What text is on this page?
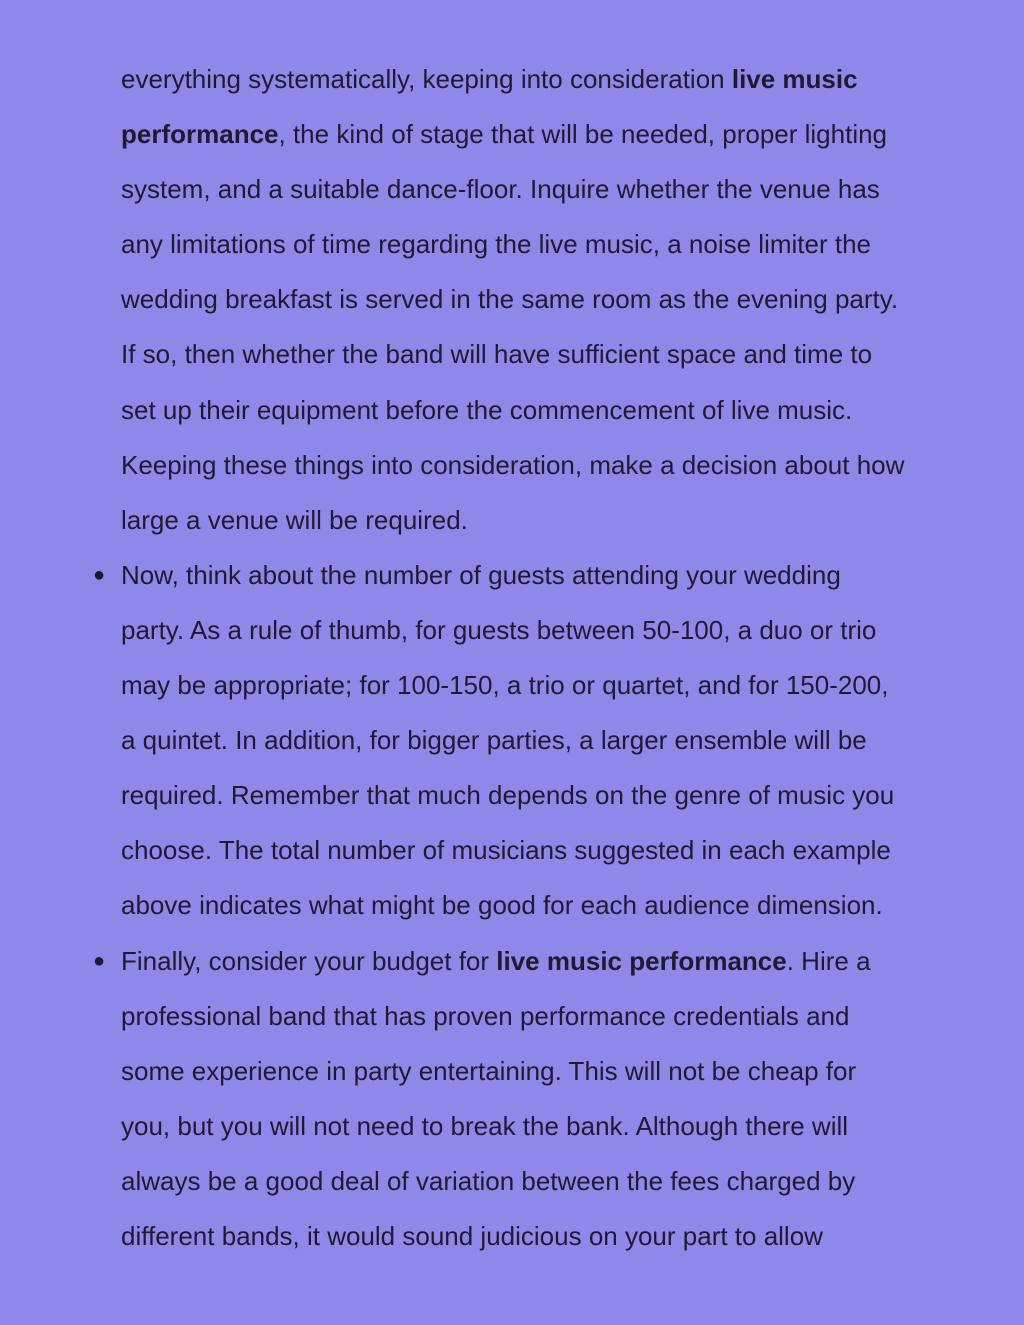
everything systematically, keeping into consideration live music
performance, the kind of stage that will be needed, proper lighting
system, and a suitable dance-floor. Inquire whether the venue has
any limitations of time regarding the live music, a noise limiter the
wedding breakfast is served in the same room as the evening party.
If so, then whether the band will have sufficient space and time to
set up their equipment before the commencement of live music.
Keeping these things into consideration, make a decision about how
large a venue will be required.
● Now, think about the number of guests attending your wedding
party. As a rule of thumb, for guests between 50-100, a duo or trio
may be appropriate; for 100-150, a trio or quartet, and for 150-200,
a quintet. In addition, for bigger parties, a larger ensemble will be
required. Remember that much depends on the genre of music you
choose. The total number of musicians suggested in each example
above indicates what might be good for each audience dimension.
● Finally, consider your budget for live music performance. Hire a
professional band that has proven performance credentials and
some experience in party entertaining. This will not be cheap for
you, but you will not need to break the bank. Although there will
always be a good deal of variation between the fees charged by
different bands, it would sound judicious on your part to allow
